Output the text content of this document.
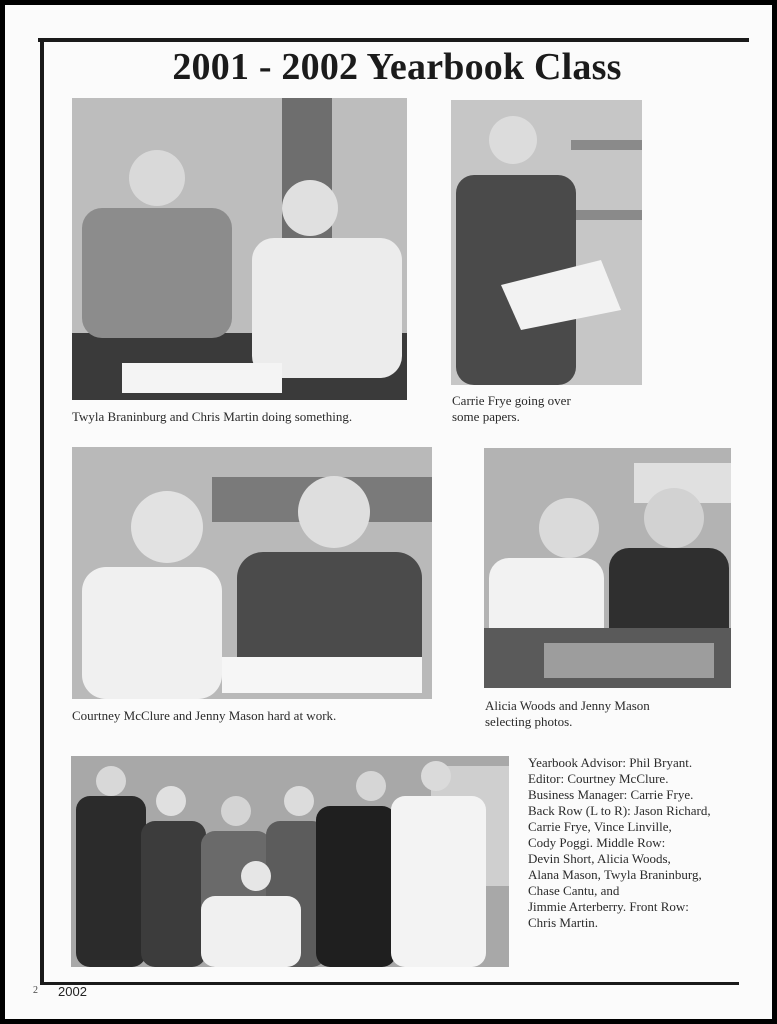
2001 - 2002 Yearbook Class
Twyla Braninburg and Chris Martin doing something.
Carrie Frye going over
some papers.
Courtney McClure and Jenny Mason hard at work.
Alicia Woods and Jenny Mason
selecting photos.
Yearbook Advisor: Phil Bryant.
Editor: Courtney McClure.
Business Manager: Carrie Frye.
Back Row (L to R): Jason Richard,
Carrie Frye, Vince Linville,
Cody Poggi. Middle Row:
Devin Short, Alicia Woods,
Alana Mason, Twyla Braninburg,
Chase Cantu, and
Jimmie Arterberry. Front Row:
Chris Martin.
2 2002
